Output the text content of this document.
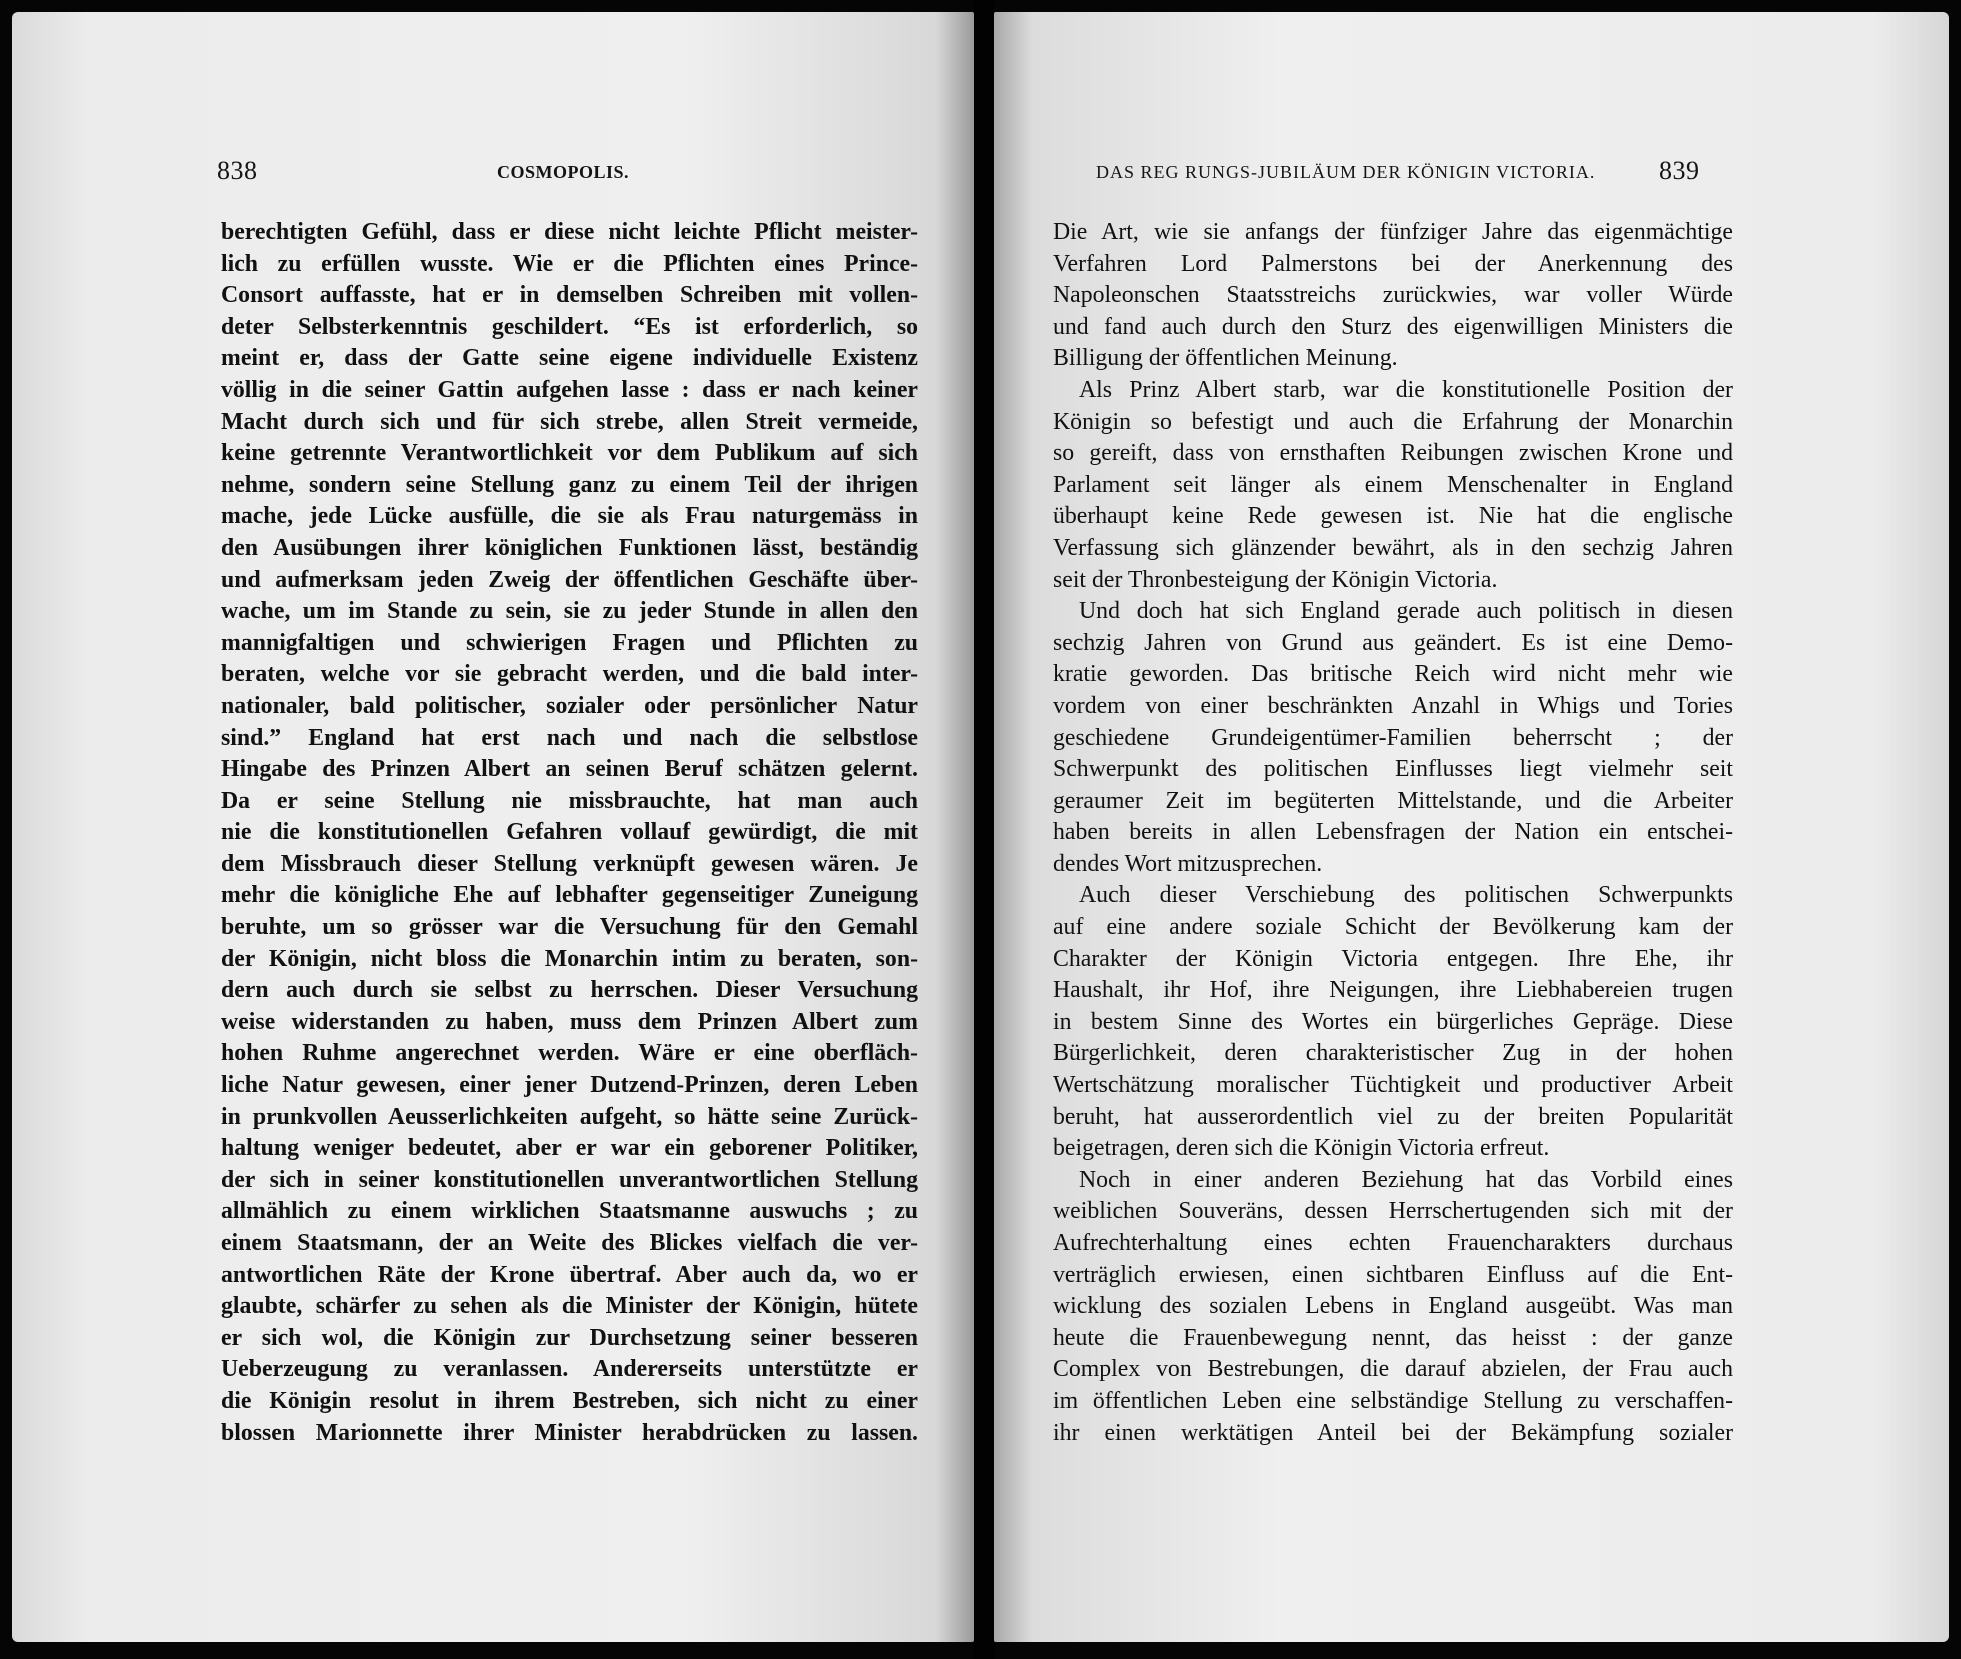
838	COSMOPOLIS.
berechtigten Gefühl, dass er diese nicht leichte Pflicht meister-
lich zu erfüllen wusste. Wie er die Pflichten eines Prince-
Consort auffasste, hat er in demselben Schreiben mit vollen-
deter Selbsterkenntnis geschildert. “Es ist erforderlich, so
meint er, dass der Gatte seine eigene individuelle Existenz
völlig in die seiner Gattin aufgehen lasse : dass er nach keiner
Macht durch sich und für sich strebe, allen Streit vermeide,
keine getrennte Verantwortlichkeit vor dem Publikum auf sich
nehme, sondern seine Stellung ganz zu einem Teil der ihrigen
mache, jede Lücke ausfülle, die sie als Frau naturgemäss in
den Ausübungen ihrer königlichen Funktionen lässt, beständig
und aufmerksam jeden Zweig der öffentlichen Geschäfte über-
wache, um im Stande zu sein, sie zu jeder Stunde in allen den
mannigfaltigen und schwierigen Fragen und Pflichten zu
beraten, welche vor sie gebracht werden, und die bald inter-
nationaler, bald politischer, sozialer oder persönlicher Natur
sind.” England hat erst nach und nach die selbstlose
Hingabe des Prinzen Albert an seinen Beruf schätzen gelernt.
Da er seine Stellung nie missbrauchte, hat man auch
nie die konstitutionellen Gefahren vollauf gewürdigt, die mit
dem Missbrauch dieser Stellung verknüpft gewesen wären. Je
mehr die königliche Ehe auf lebhafter gegenseitiger Zuneigung
beruhte, um so grösser war die Versuchung für den Gemahl
der Königin, nicht bloss die Monarchin intim zu beraten, son-
dern auch durch sie selbst zu herrschen. Dieser Versuchung
weise widerstanden zu haben, muss dem Prinzen Albert zum
hohen Ruhme angerechnet werden. Wäre er eine oberfläch-
liche Natur gewesen, einer jener Dutzend-Prinzen, deren Leben
in prunkvollen Aeusserlichkeiten aufgeht, so hätte seine Zurück-
haltung weniger bedeutet, aber er war ein geborener Politiker,
der sich in seiner konstitutionellen unverantwortlichen Stellung
allmählich zu einem wirklichen Staatsmanne auswuchs ; zu
einem Staatsmann, der an Weite des Blickes vielfach die ver-
antwortlichen Räte der Krone übertraf. Aber auch da, wo er
glaubte, schärfer zu sehen als die Minister der Königin, hütete
er sich wol, die Königin zur Durchsetzung seiner besseren
Ueberzeugung zu veranlassen. Andererseits unterstützte er
die Königin resolut in ihrem Bestreben, sich nicht zu einer
blossen Marionnette ihrer Minister herabdrücken zu lassen.
DAS REG RUNGS-JUBILÄUM DER KÖNIGIN VICTORIA. 839
Die Art, wie sie anfangs der fünfziger Jahre das eigenmächtige
Verfahren Lord Palmerstons bei der Anerkennung des
Napoleonschen Staatsstreichs zurückwies, war voller Würde
und fand auch durch den Sturz des eigenwilligen Ministers die
Billigung der öffentlichen Meinung.
Als Prinz Albert starb, war die konstitutionelle Position der
Königin so befestigt und auch die Erfahrung der Monarchin
so gereift, dass von ernsthaften Reibungen zwischen Krone und
Parlament seit länger als einem Menschenalter in England
überhaupt keine Rede gewesen ist. Nie hat die englische
Verfassung sich glänzender bewährt, als in den sechzig Jahren
seit der Thronbesteigung der Königin Victoria.
Und doch hat sich England gerade auch politisch in diesen
sechzig Jahren von Grund aus geändert. Es ist eine Demo-
kratie geworden. Das britische Reich wird nicht mehr wie
vordem von einer beschränkten Anzahl in Whigs und Tories
geschiedene Grundeigentümer-Familien beherrscht ; der
Schwerpunkt des politischen Einflusses liegt vielmehr seit
geraumer Zeit im begüterten Mittelstande, und die Arbeiter
haben bereits in allen Lebensfragen der Nation ein entschei-
dendes Wort mitzusprechen.
Auch dieser Verschiebung des politischen Schwerpunkts
auf eine andere soziale Schicht der Bevölkerung kam der
Charakter der Königin Victoria entgegen. Ihre Ehe, ihr
Haushalt, ihr Hof, ihre Neigungen, ihre Liebhabereien trugen
in bestem Sinne des Wortes ein bürgerliches Gepräge. Diese
Bürgerlichkeit, deren charakteristischer Zug in der hohen
Wertschätzung moralischer Tüchtigkeit und productiver Arbeit
beruht, hat ausserordentlich viel zu der breiten Popularität
beigetragen, deren sich die Königin Victoria erfreut.
Noch in einer anderen Beziehung hat das Vorbild eines
weiblichen Souveräns, dessen Herrschertugenden sich mit der
Aufrechterhaltung eines echten Frauencharakters durchaus
verträglich erwiesen, einen sichtbaren Einfluss auf die Ent-
wicklung des sozialen Lebens in England ausgeübt. Was man
heute die Frauenbewegung nennt, das heisst : der ganze
Complex von Bestrebungen, die darauf abzielen, der Frau auch
im öffentlichen Leben eine selbständige Stellung zu verschaffen-
ihr einen werktätigen Anteil bei der Bekämpfung sozialer
